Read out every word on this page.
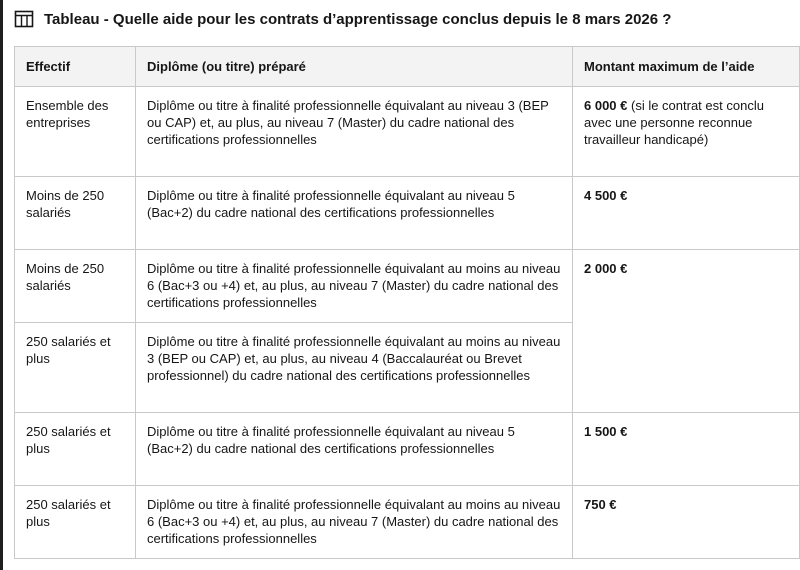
Tableau - Quelle aide pour les contrats d’apprentissage conclus depuis le 8 mars 2026 ?
Effectif	Diplôme (ou titre) préparé	Montant maximum de l’aide
Ensemble des entreprises	Diplôme ou titre à finalité professionnelle équivalant au niveau 3 (BEP ou CAP) et, au plus, au niveau 7 (Master) du cadre national des certifications professionnelles	6 000 € (si le contrat est conclu avec une personne reconnue travailleur handicapé)
Moins de 250 salariés	Diplôme ou titre à finalité professionnelle équivalant au niveau 5 (Bac+2) du cadre national des certifications professionnelles	4 500 €
Moins de 250 salariés	Diplôme ou titre à finalité professionnelle équivalant au moins au niveau 6 (Bac+3 ou +4) et, au plus, au niveau 7 (Master) du cadre national des certifications professionnelles	2 000 €
250 salariés et plus	Diplôme ou titre à finalité professionnelle équivalant au moins au niveau 3 (BEP ou CAP) et, au plus, au niveau 4 (Baccalauréat ou Brevet professionnel) du cadre national des certifications professionnelles	
250 salariés et plus	Diplôme ou titre à finalité professionnelle équivalant au niveau 5 (Bac+2) du cadre national des certifications professionnelles	1 500 €
250 salariés et plus	Diplôme ou titre à finalité professionnelle équivalant au moins au niveau 6 (Bac+3 ou +4) et, au plus, au niveau 7 (Master) du cadre national des certifications professionnelles	750 €
